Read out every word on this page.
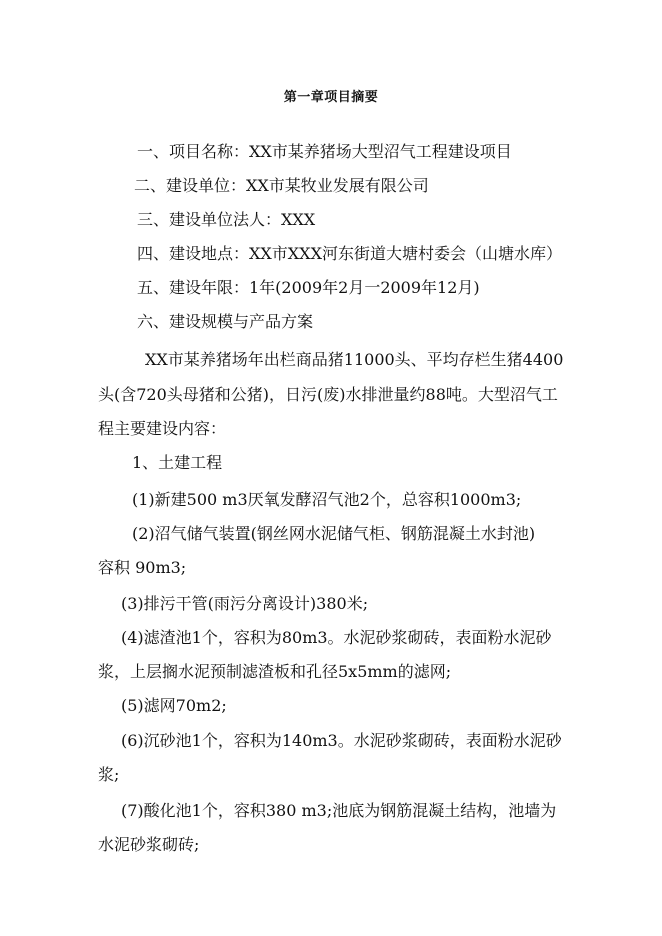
第一章项目摘要
一、项目名称：XX市某养猪场大型沼气工程建设项目
二、建设单位：XX市某牧业发展有限公司
三、建设单位法人：XXX
四、建设地点：XX市XXX河东街道大塘村委会（山塘水库）
五、建设年限：1年(2009年2月一2009年12月)
六、建设规模与产品方案
XX市某养猪场年出栏商品猪11000头、平均存栏生猪4400
头(含720头母猪和公猪)，日污(废)水排泄量约88吨。大型沼气工
程主要建设内容：
1、土建工程
(1)新建500 m3厌氧发酵沼气池2个，总容积1000m3;
(2)沼气储气装置(钢丝网水泥储气柜、钢筋混凝土水封池)
容积 90m3;
(3)排污干管(雨污分离设计)380米;
(4)滤渣池1个，容积为80m3。水泥砂浆砌砖，表面粉水泥砂
浆，上层搁水泥预制滤渣板和孔径5x5mm的滤网;
(5)滤网70m2;
(6)沉砂池1个，容积为140m3。水泥砂浆砌砖，表面粉水泥砂
浆;
(7)酸化池1个，容积380 m3;池底为钢筋混凝土结构，池墙为
水泥砂浆砌砖;
